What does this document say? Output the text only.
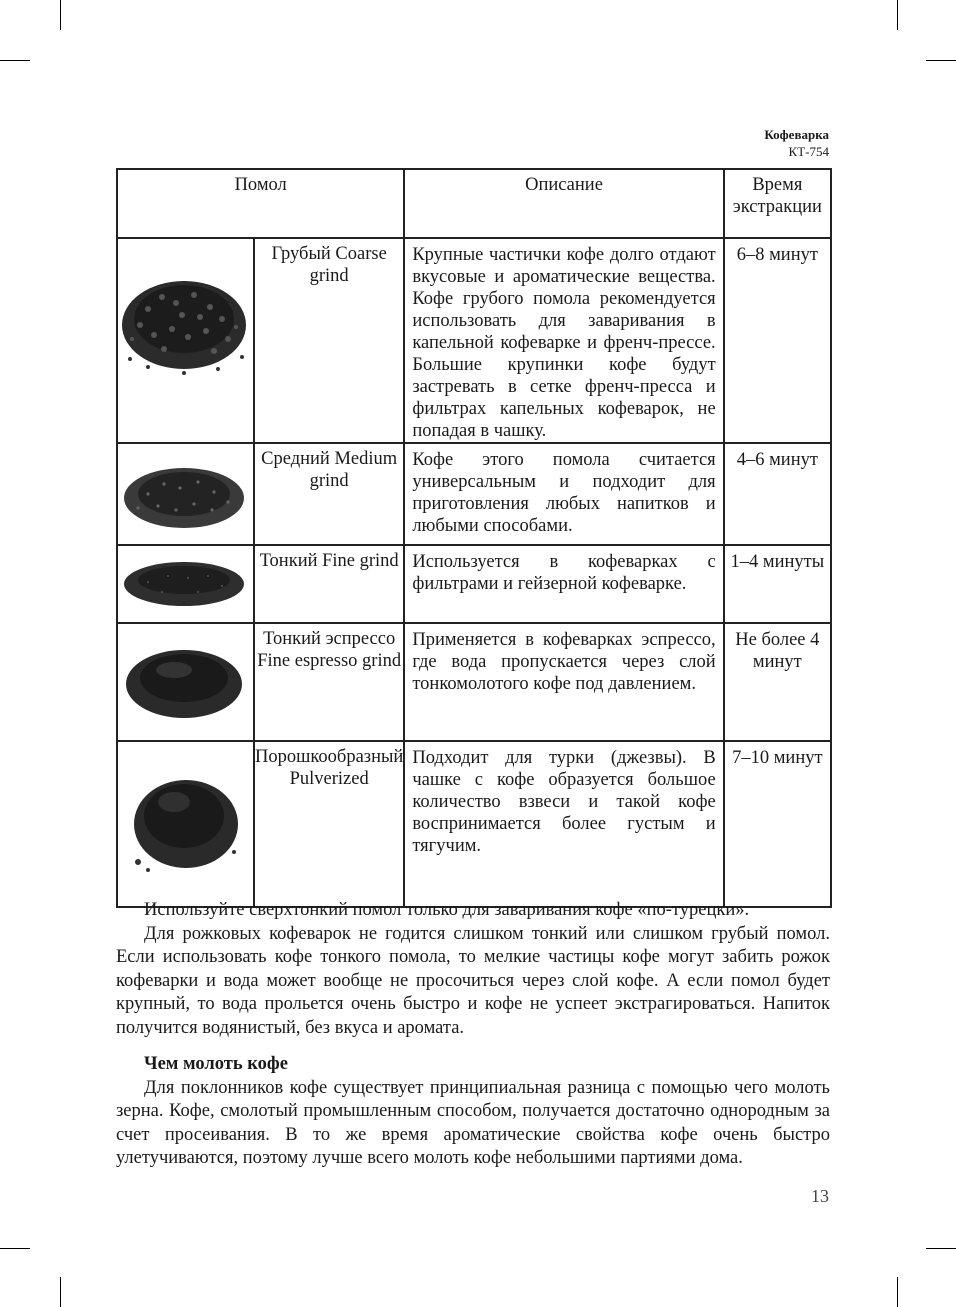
Кофеварка
КТ-754
Помол		Описание	Время экстракции

	Грубый Coarse grind	Крупные частички кофе долго отдают вкусовые и ароматические вещества. Кофе грубого помола рекомендуется использовать для заваривания в капельной кофеварке и френч-прессе. Большие крупинки кофе будут застревать в сетке френч-пресса и фильтрах капельных кофеварок, не попадая в чашку.	6–8 минут

	Средний Medium grind	Кофе этого помола считается универсальным и подходит для приготовления любых напитков и любыми способами.	4–6 минут

	Тонкий Fine grind	Используется в кофеварках с фильтрами и гейзерной кофеварке.	1–4 минуты

	Тонкий эспрессо Fine espresso grind	Применяется в кофеварках эспрессо, где вода пропускается через слой тонкомолотого кофе под давлением.	Не более 4 минут

	Порошкообразный Pulverized	Подходит для турки (джезвы). В чашке с кофе образуется большое количество взвеси и такой кофе воспринимается более густым и тягучим.	7–10 минут

Используйте сверхтонкий помол только для заваривания кофе «по-турецки».

Для рожковых кофеварок не годится слишком тонкий или слишком грубый помол. Если использовать кофе тонкого помола, то мелкие частицы кофе могут забить рожок кофеварки и вода может вообще не просочиться через слой кофе. А если помол будет крупный, то вода прольется очень быстро и кофе не успеет экстрагироваться. Напиток получится водянистый, без вкуса и аромата.

Чем молоть кофе

Для поклонников кофе существует принципиальная разница с помощью чего молоть зерна. Кофе, смолотый промышленным способом, получается достаточно однородным за счет просеивания. В то же время ароматические свойства кофе очень быстро улетучиваются, поэтому лучше всего молоть кофе небольшими партиями дома.

13
